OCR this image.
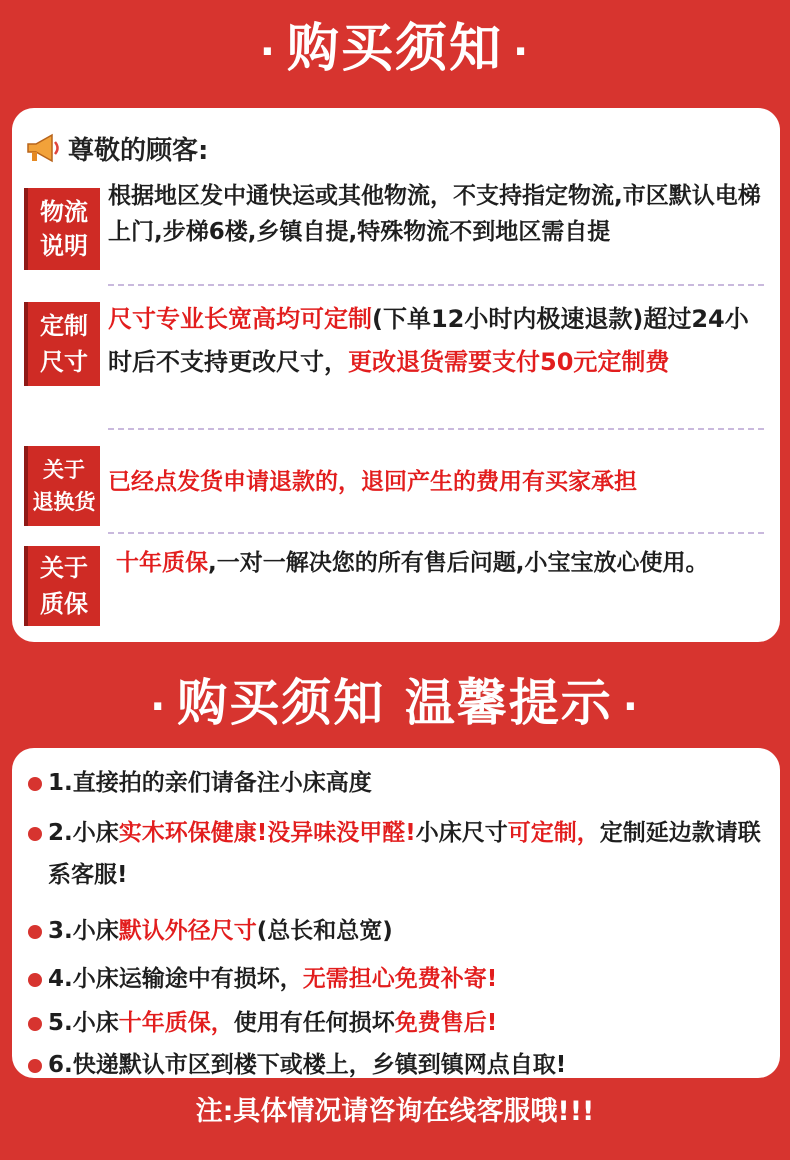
· 购买须知 ·
尊敬的顾客:
物流
说明
根据地区发中通快运或其他物流，不支持指定物流,市区默认电梯上门,步梯6楼,乡镇自提,特殊物流不到地区需自提
定制
尺寸
尺寸专业长宽高均可定制(下单12小时内极速退款)超过24小时后不支持更改尺寸，更改退货需要支付50元定制费
关于
退换货
已经点发货申请退款的，退回产生的费用有买家承担
关于
质保
十年质保,一对一解决您的所有售后问题,小宝宝放心使用。
· 购买须知 温馨提示 ·
1.直接拍的亲们请备注小床高度
2.小床实木环保健康!没异味没甲醛!小床尺寸可定制，定制延边款请联系客服!
3.小床默认外径尺寸(总长和总宽)
4.小床运输途中有损坏，无需担心免费补寄!
5.小床十年质保，使用有任何损坏免费售后!
6.快递默认市区到楼下或楼上，乡镇到镇网点自取!
注:具体情况请咨询在线客服哦!!!
